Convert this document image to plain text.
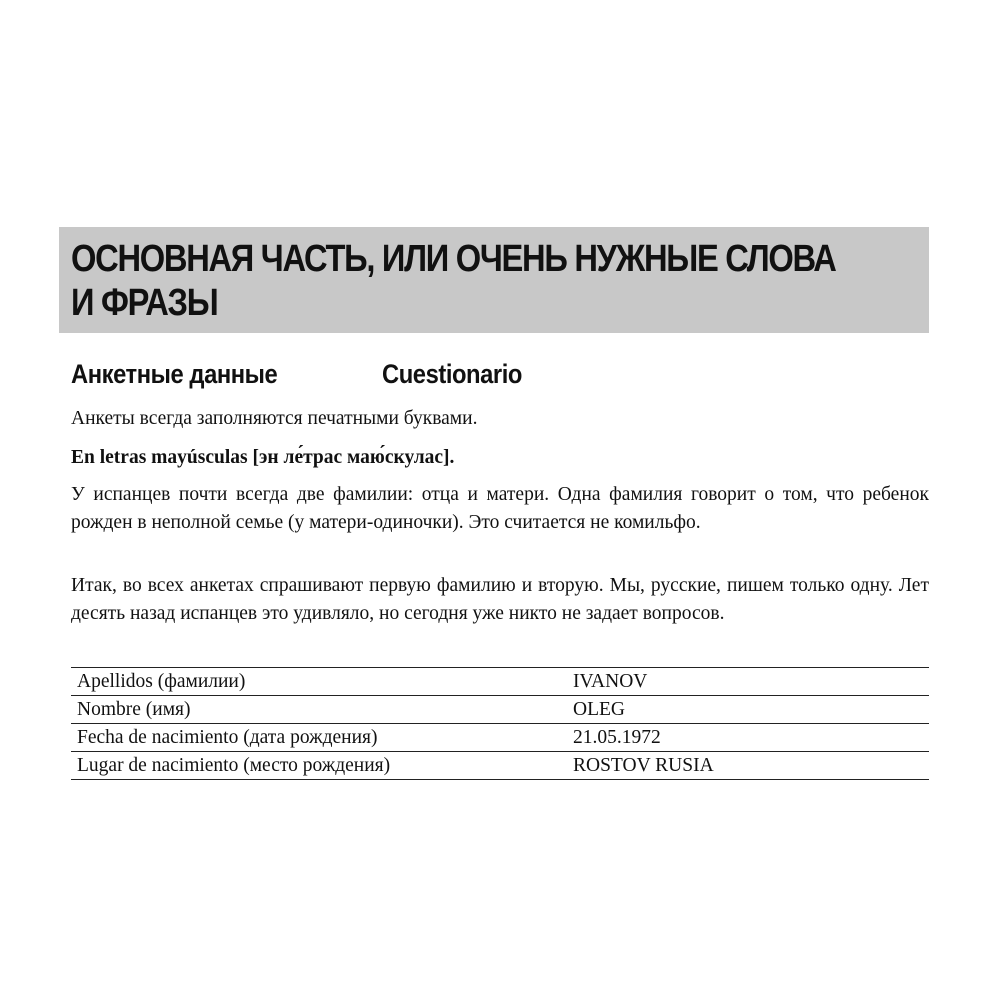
ОСНОВНАЯ ЧАСТЬ, ИЛИ ОЧЕНЬ НУЖНЫЕ СЛОВА
И ФРАЗЫ
Анкетные данные	Cuestionario

Анкеты всегда заполняются печатными буквами.

En letras mayúsculas [эн ле́трас маю́скулас].

У испанцев почти всегда две фамилии: отца и матери. Одна фамилия говорит о том, что ребенок рожден в неполной семье (у матери-одиночки). Это считается не комильфо.

Итак, во всех анкетах спрашивают первую фамилию и вторую. Мы, русские, пишем только одну. Лет десять назад испанцев это удивляло, но сегодня уже никто не задает вопросов.

Apellidos (фамилии)	IVANOV
Nombre (имя)	OLEG
Fecha de nacimiento (дата рождения)	21.05.1972
Lugar de nacimiento (место рождения)	ROSTOV RUSIA
